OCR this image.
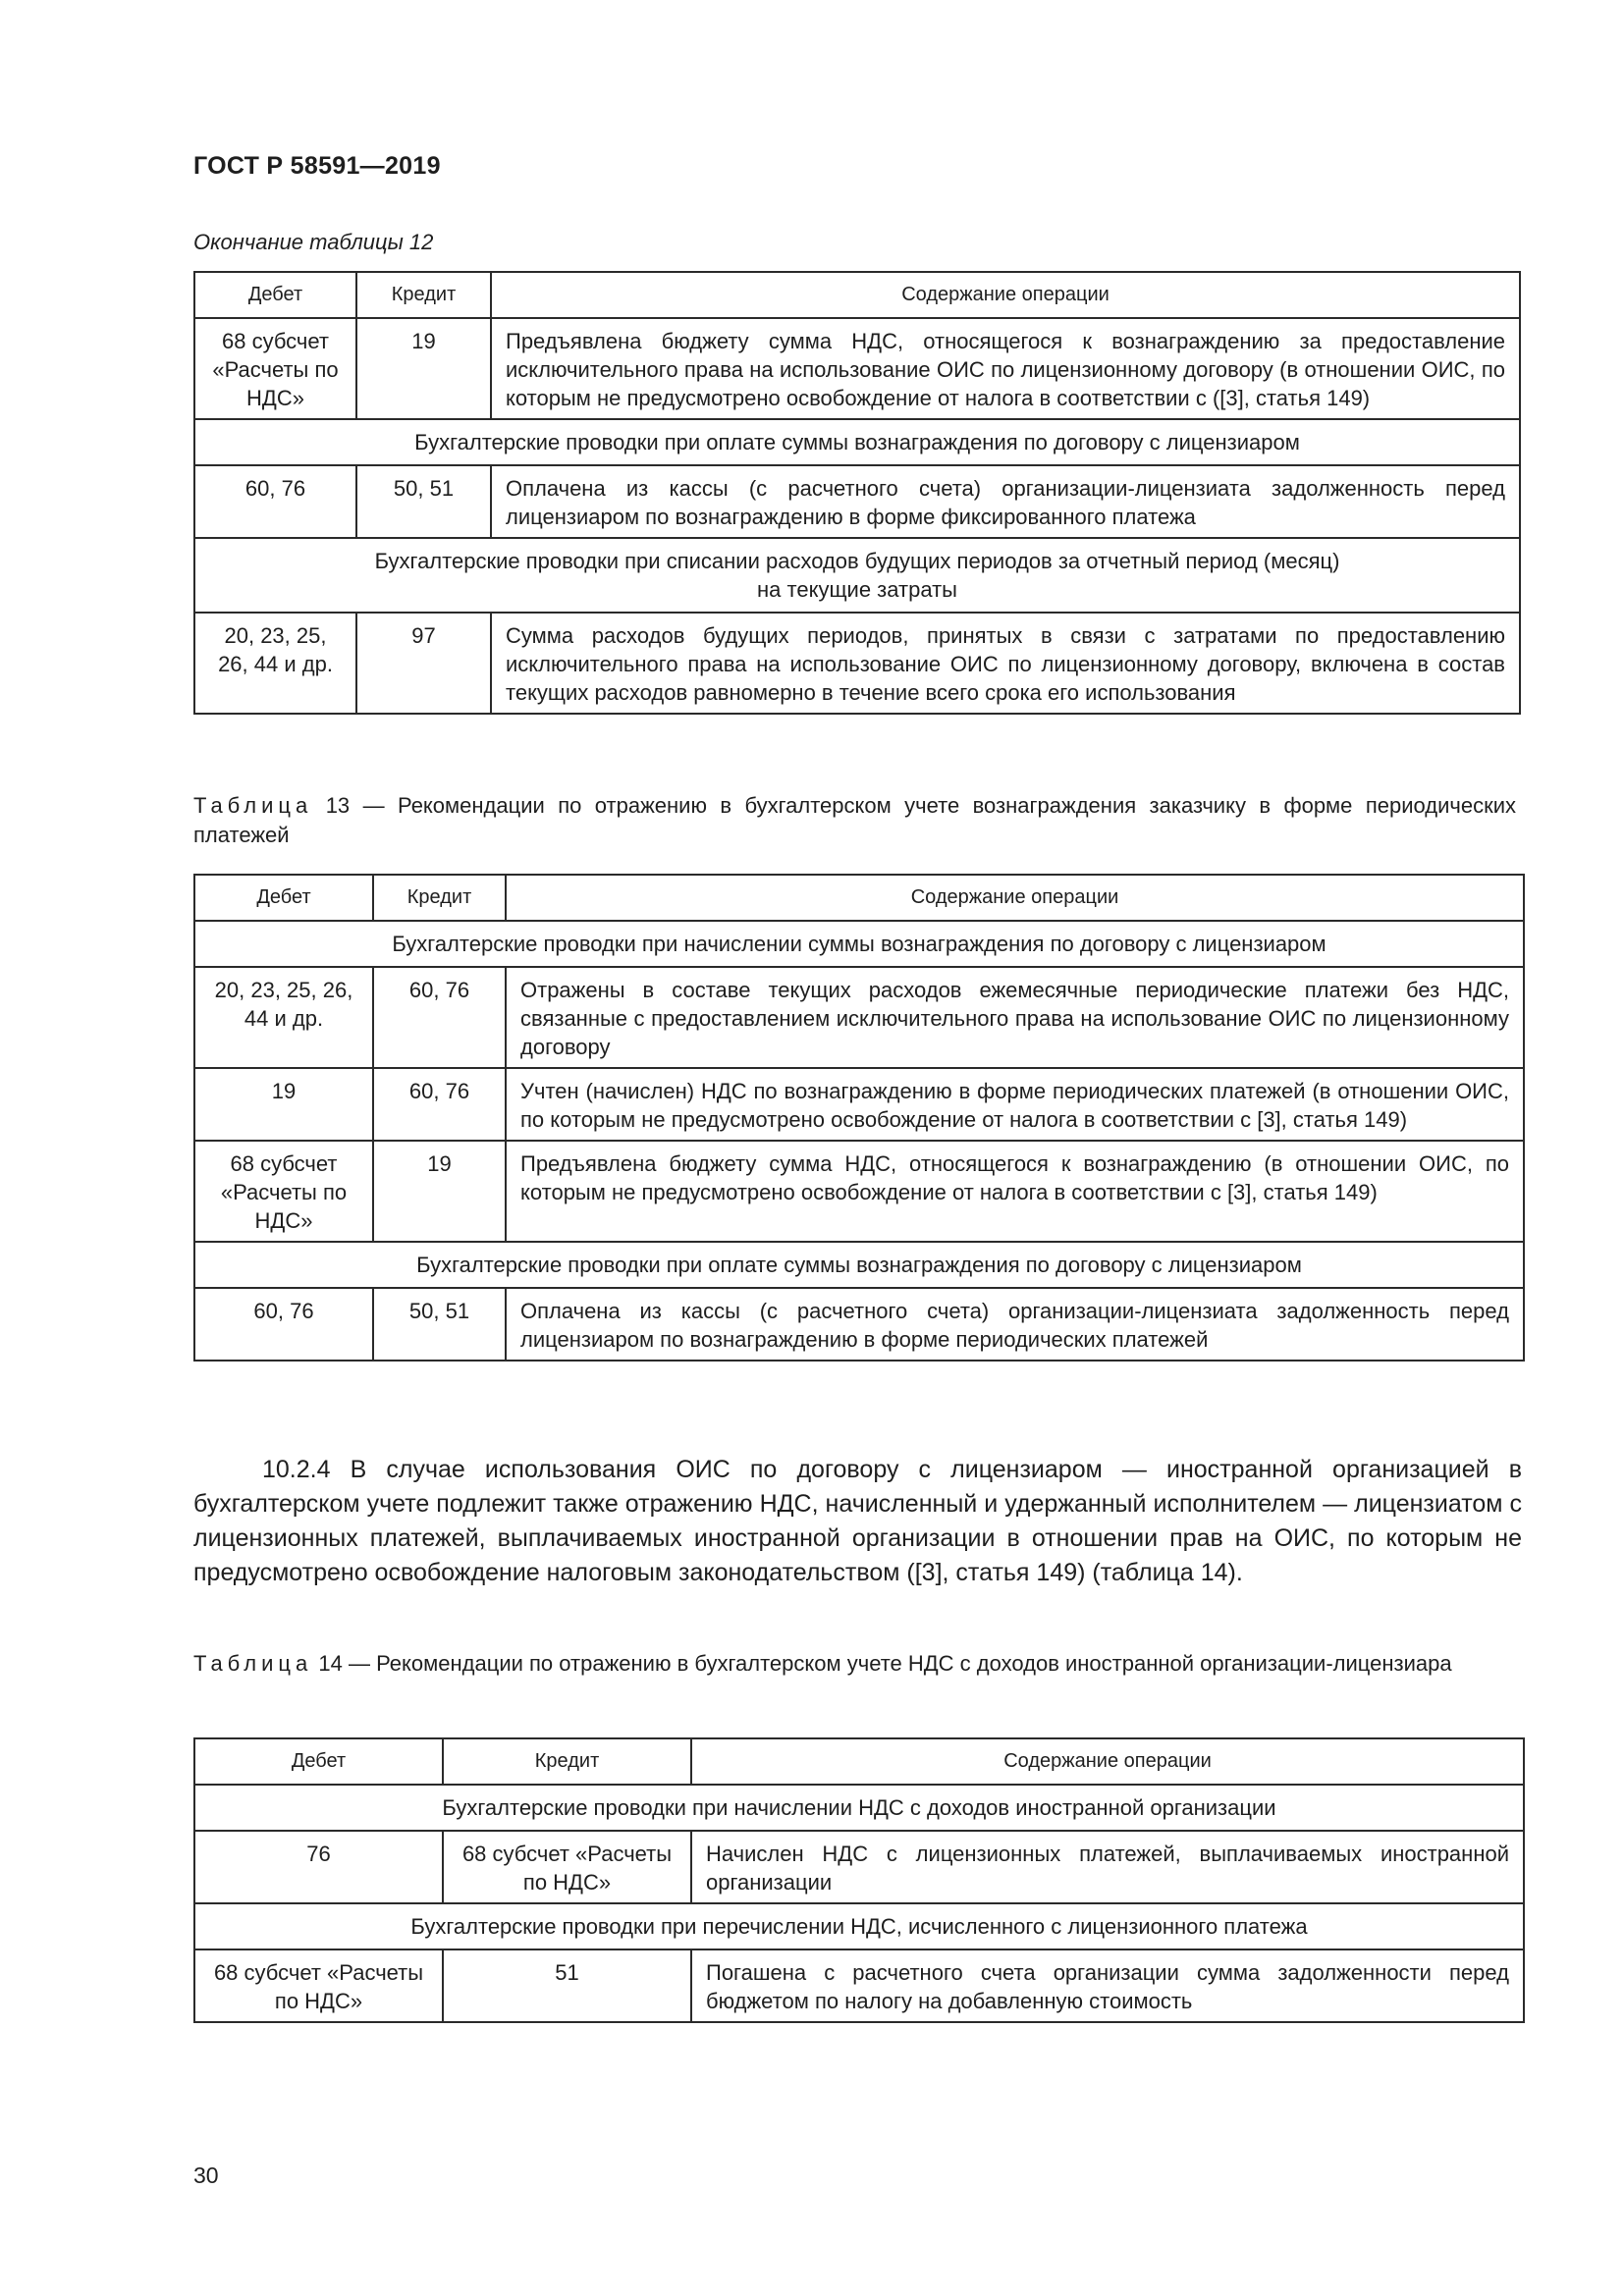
ГОСТ Р 58591—2019
Окончание таблицы 12
Дебет	Кредит	Содержание операции
68 субсчет «Расчеты по НДС»	19	Предъявлена бюджету сумма НДС, относящегося к вознаграждению за предоставление исключительного права на использование ОИС по лицензионному договору (в отношении ОИС, по которым не предусмотрено освобождение от налога в соответствии с ([3], статья 149)
Бухгалтерские проводки при оплате суммы вознаграждения по договору с лицензиаром		
60, 76	50, 51	Оплачена из кассы (с расчетного счета) организации-лицензиата задолженность перед лицензиаром по вознаграждению в форме фиксированного платежа

Бухгалтерские проводки при списании расходов будущих периодов за отчетный период (месяц)
на текущие затраты		

20, 23, 25, 26, 44 и др.	97	Сумма расходов будущих периодов, принятых в связи с затратами по предоставлению исключительного права на использование ОИС по лицензионному договору, включена в состав текущих расходов равномерно в течение всего срока его использования
Таблица 13 — Рекомендации по отражению в бухгалтерском учете вознаграждения заказчику в форме периодических платежей
Дебет	Кредит	Содержание операции
Бухгалтерские проводки при начислении суммы вознаграждения по договору с лицензиаром		
20, 23, 25, 26, 44 и др.	60, 76	Отражены в составе текущих расходов ежемесячные периодические платежи без НДС, связанные с предоставлением исключительного права на использование ОИС по лицензионному договору
19	60, 76	Учтен (начислен) НДС по вознаграждению в форме периодических платежей (в отношении ОИС, по которым не предусмотрено освобождение от налога в соответствии с [3], статья 149)
68 субсчет «Расчеты по НДС»	19	Предъявлена бюджету сумма НДС, относящегося к вознаграждению (в отношении ОИС, по которым не предусмотрено освобождение от налога в соответствии с [3], статья 149)
Бухгалтерские проводки при оплате суммы вознаграждения по договору с лицензиаром		
60, 76	50, 51	Оплачена из кассы (с расчетного счета) организации-лицензиата задолженность перед лицензиаром по вознаграждению в форме периодических платежей
10.2.4 В случае использования ОИС по договору с лицензиаром — иностранной организацией в бухгалтерском учете подлежит также отражению НДС, начисленный и удержанный исполнителем — лицензиатом с лицензионных платежей, выплачиваемых иностранной организации в отношении прав на ОИС, по которым не предусмотрено освобождение налоговым законодательством ([3], статья 149) (таблица 14).
Таблица 14 — Рекомендации по отражению в бухгалтерском учете НДС с доходов иностранной организации-лицензиара
Дебет	Кредит	Содержание операции
Бухгалтерские проводки при начислении НДС с доходов иностранной организации		
76	68 субсчет «Расчеты по НДС»	Начислен НДС с лицензионных платежей, выплачиваемых иностранной организации
Бухгалтерские проводки при перечислении НДС, исчисленного с лицензионного платежа		
68 субсчет «Расчеты по НДС»	51	Погашена с расчетного счета организации сумма задолженности перед бюджетом по налогу на добавленную стоимость
30
